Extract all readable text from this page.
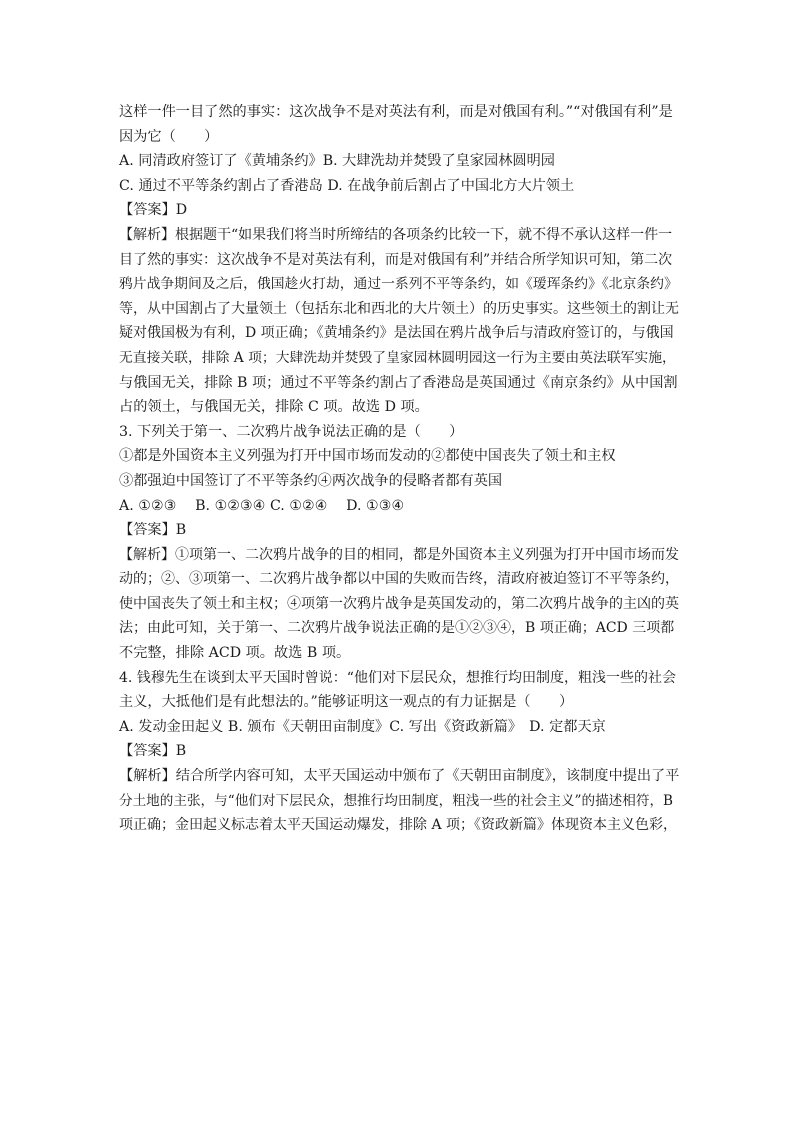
这样一件一目了然的事实：这次战争不是对英法有利，而是对俄国有利。”“对俄国有利”是
因为它（　　）
A. 同清政府签订了《黄埔条约》B. 大肆洗劫并焚毁了皇家园林圆明园
C. 通过不平等条约割占了香港岛 D. 在战争前后割占了中国北方大片领土
【答案】D
【解析】根据题干“如果我们将当时所缔结的各项条约比较一下，就不得不承认这样一件一
目了然的事实：这次战争不是对英法有利，而是对俄国有利”并结合所学知识可知，第二次
鸦片战争期间及之后，俄国趁火打劫，通过一系列不平等条约，如《瑷珲条约》《北京条约》
等，从中国割占了大量领土（包括东北和西北的大片领土）的历史事实。这些领土的割让无
疑对俄国极为有利，D 项正确；《黄埔条约》是法国在鸦片战争后与清政府签订的，与俄国
无直接关联，排除 A 项；大肆洗劫并焚毁了皇家园林圆明园这一行为主要由英法联军实施，
与俄国无关，排除 B 项；通过不平等条约割占了香港岛是英国通过《南京条约》从中国割
占的领土，与俄国无关，排除 C 项。故选 D 项。
3. 下列关于第一、二次鸦片战争说法正确的是（　　）
①都是外国资本主义列强为打开中国市场而发动的②都使中国丧失了领土和主权
③都强迫中国签订了不平等条约④两次战争的侵略者都有英国
A. ①②③　 B. ①②③④ C. ①②④　 D. ①③④
【答案】B
【解析】①项第一、二次鸦片战争的目的相同，都是外国资本主义列强为打开中国市场而发
动的；②、③项第一、二次鸦片战争都以中国的失败而告终，清政府被迫签订不平等条约，
使中国丧失了领土和主权；④项第一次鸦片战争是英国发动的，第二次鸦片战争的主凶的英
法；由此可知，关于第一、二次鸦片战争说法正确的是①②③④，B 项正确；ACD 三项都
不完整，排除 ACD 项。故选 B 项。
4. 钱穆先生在谈到太平天国时曾说：“他们对下层民众，想推行均田制度，粗浅一些的社会
主义，大抵他们是有此想法的。”能够证明这一观点的有力证据是（　　）
A. 发动金田起义 B. 颁布《天朝田亩制度》C. 写出《资政新篇》　D. 定都天京
【答案】B
【解析】结合所学内容可知，太平天国运动中颁布了《天朝田亩制度》，该制度中提出了平
分土地的主张，与“他们对下层民众，想推行均田制度，粗浅一些的社会主义”的描述相符，B
项正确；金田起义标志着太平天国运动爆发，排除 A 项；《资政新篇》体现资本主义色彩，
